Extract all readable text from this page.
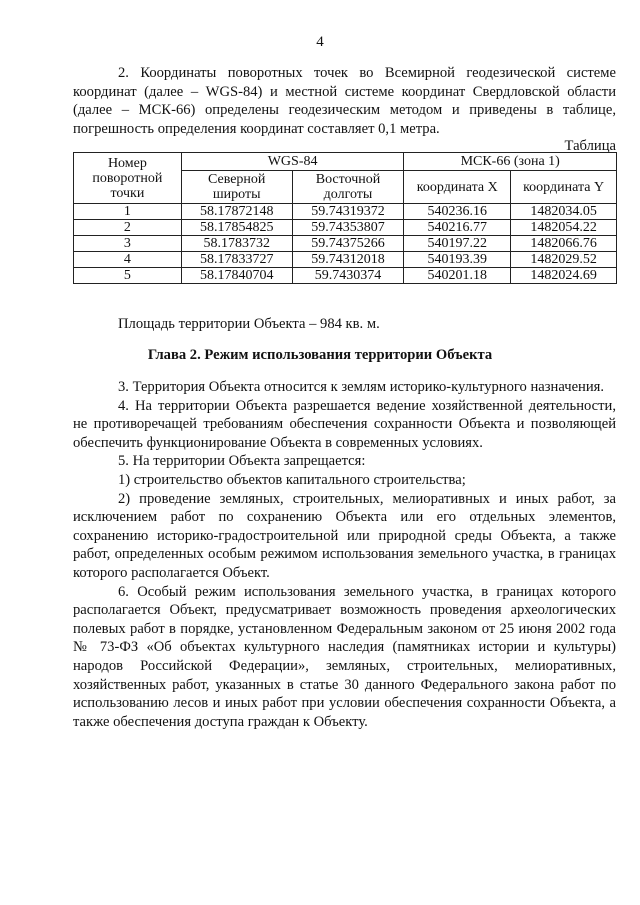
4

2. Координаты поворотных точек во Всемирной геодезической системе координат (далее – WGS-84) и местной системе координат Свердловской области (далее – МСК-66) определены геодезическим методом и приведены в таблице, погрешность определения координат составляет 0,1 метра.

Таблица
Номер поворотной точки	WGS-84		МСК-66 (зона 1)	
	Северной широты	Восточной долготы	координата X	координата Y
1	58.17872148	59.74319372	540236.16	1482034.05
2	58.17854825	59.74353807	540216.77	1482054.22
3	58.1783732	59.74375266	540197.22	1482066.76
4	58.17833727	59.74312018	540193.39	1482029.52
5	58.17840704	59.7430374	540201.18	1482024.69
Площадь территории Объекта – 984 кв. м.
Глава 2. Режим использования территории Объекта

3. Территория Объекта относится к землям историко-культурного назначения.

4. На территории Объекта разрешается ведение хозяйственной деятельности, не противоречащей требованиям обеспечения сохранности Объекта и позволяющей обеспечить функционирование Объекта в современных условиях.

5. На территории Объекта запрещается:

1) строительство объектов капитального строительства;

2) проведение земляных, строительных, мелиоративных и иных работ, за исключением работ по сохранению Объекта или его отдельных элементов, сохранению историко-градостроительной или природной среды Объекта, а также работ, определенных особым режимом использования земельного участка, в границах которого располагается Объект.

6. Особый режим использования земельного участка, в границах которого располагается Объект, предусматривает возможность проведения археологических полевых работ в порядке, установленном Федеральным законом от 25 июня 2002 года № 73-ФЗ «Об объектах культурного наследия (памятниках истории и культуры) народов Российской Федерации», земляных, строительных, мелиоративных, хозяйственных работ, указанных в статье 30 данного Федерального закона работ по использованию лесов и иных работ при условии обеспечения сохранности Объекта, а также обеспечения доступа граждан к Объекту.
